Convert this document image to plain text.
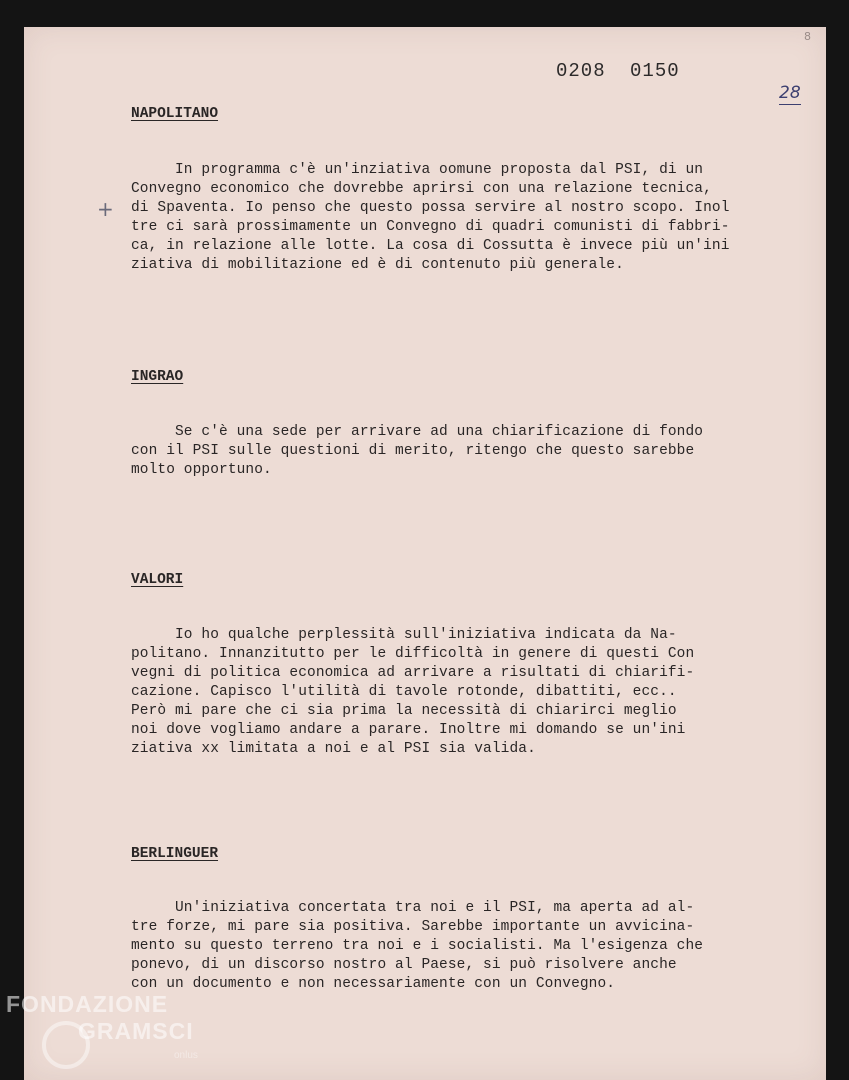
8
0208 0150
28
+
NAPOLITANO

In programma c'è un'inziativa oomune proposta dal PSI, di un
Convegno economico che dovrebbe aprirsi con una relazione tecnica,
di Spaventa. Io penso che questo possa servire al nostro scopo. Inol
tre ci sarà prossimamente un Convegno di quadri comunisti di fabbri-
ca, in relazione alle lotte. La cosa di Cossutta è invece più un'ini
ziativa di mobilitazione ed è di contenuto più generale.

INGRAO

Se c'è una sede per arrivare ad una chiarificazione di fondo
con il PSI sulle questioni di merito, ritengo che questo sarebbe
molto opportuno.

VALORI

Io ho qualche perplessità sull'iniziativa indicata da Na-
politano. Innanzitutto per le difficoltà in genere di questi Con
vegni di politica economica ad arrivare a risultati di chiarifi-
cazione. Capisco l'utilità di tavole rotonde, dibattiti, ecc..
Però mi pare che ci sia prima la necessità di chiarirci meglio
noi dove vogliamo andare a parare. Inoltre mi domando se un'ini
ziativa xx limitata a noi e al PSI sia valida.

BERLINGUER

Un'iniziativa concertata tra noi e il PSI, ma aperta ad al-
tre forze, mi pare sia positiva. Sarebbe importante un avvicina-
mento su questo terreno tra noi e i socialisti. Ma l'esigenza che
ponevo, di un discorso nostro al Paese, si può risolvere anche
con un documento e non necessariamente con un Convegno.

FONDAZIONE
GRAMSCI
onlus
